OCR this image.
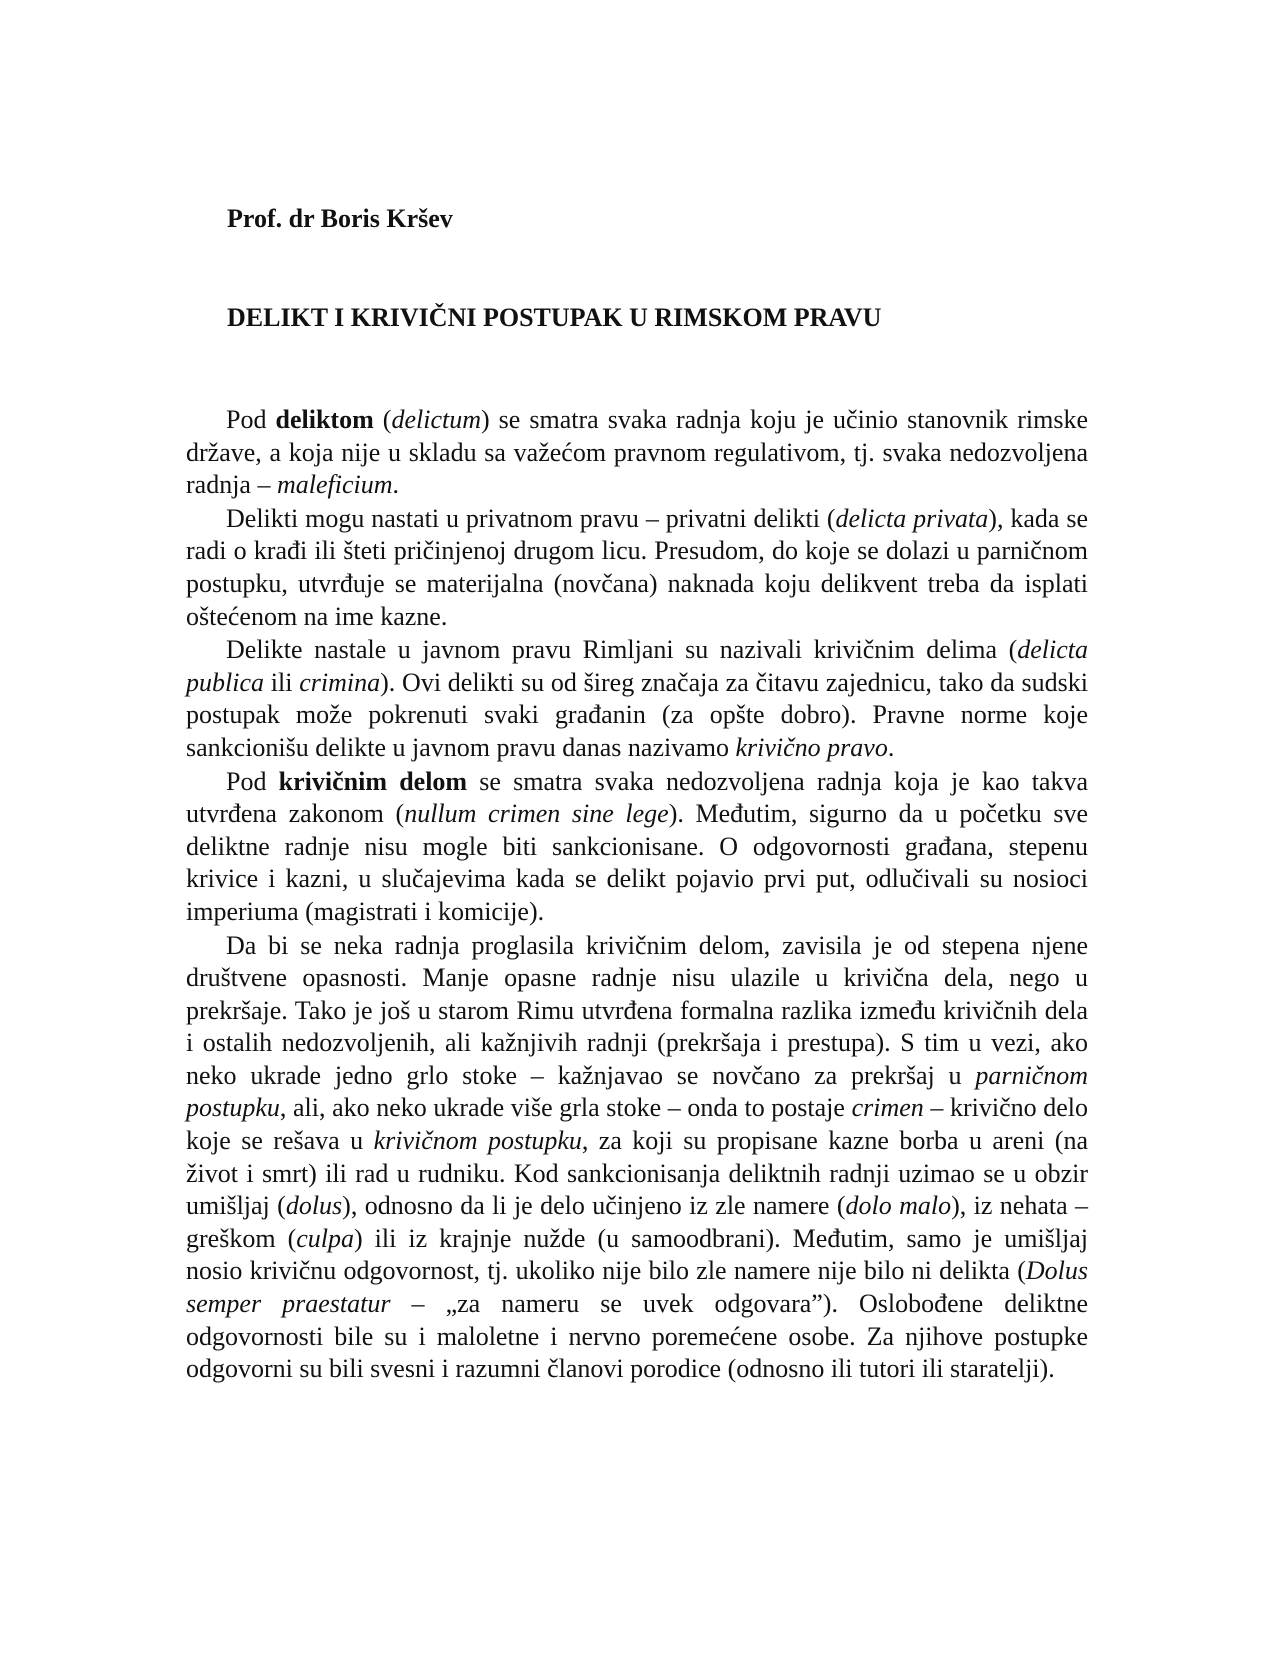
Prof. dr Boris Kršev

DELIKT I KRIVIČNI POSTUPAK U RIMSKOM PRAVU

Pod deliktom (delictum) se smatra svaka radnja koju je učinio stanovnik rimske države, a koja nije u skladu sa važećom pravnom regulativom, tj. svaka nedozvoljena radnja – maleficium.

Delikti mogu nastati u privatnom pravu – privatni delikti (delicta privata), kada se radi o krađi ili šteti pričinjenoj drugom licu. Presudom, do koje se dolazi u parničnom postupku, utvrđuje se materijalna (novčana) naknada koju delikvent treba da isplati oštećenom na ime kazne.

Delikte nastale u javnom pravu Rimljani su nazivali krivičnim delima (delicta publica ili crimina). Ovi delikti su od šireg značaja za čitavu zajednicu, tako da sudski postupak može pokrenuti svaki građanin (za opšte dobro). Pravne norme koje sankcionišu delikte u javnom pravu danas nazivamo krivično pravo.

Pod krivičnim delom se smatra svaka nedozvoljena radnja koja je kao takva utvrđena zakonom (nullum crimen sine lege). Međutim, sigurno da u početku sve deliktne radnje nisu mogle biti sankcionisane. O odgovornosti građana, stepenu krivice i kazni, u slučajevima kada se delikt pojavio prvi put, odlučivali su nosioci imperiuma (magistrati i komicije).

Da bi se neka radnja proglasila krivičnim delom, zavisila je od stepena njene društvene opasnosti. Manje opasne radnje nisu ulazile u krivična dela, nego u prekršaje. Tako je još u starom Rimu utvrđena formalna razlika između krivičnih dela i ostalih nedozvoljenih, ali kažnjivih radnji (prekršaja i prestupa). S tim u vezi, ako neko ukrade jedno grlo stoke – kažnjavao se novčano za prekršaj u parničnom postupku, ali, ako neko ukrade više grla stoke – onda to postaje crimen – krivično delo koje se rešava u krivičnom postupku, za koji su propisane kazne borba u areni (na život i smrt) ili rad u rudniku. Kod sankcionisanja deliktnih radnji uzimao se u obzir umišljaj (dolus), odnosno da li je delo učinjeno iz zle namere (dolo malo), iz nehata – greškom (culpa) ili iz krajnje nužde (u samoodbrani). Međutim, samo je umišljaj nosio krivičnu odgovornost, tj. ukoliko nije bilo zle namere nije bilo ni delikta (Dolus semper praestatur – „za nameru se uvek odgovara”). Oslobođene deliktne odgovornosti bile su i maloletne i nervno poremećene osobe. Za njihove postupke odgovorni su bili svesni i razumni članovi porodice (odnosno ili tutori ili staratelji).
